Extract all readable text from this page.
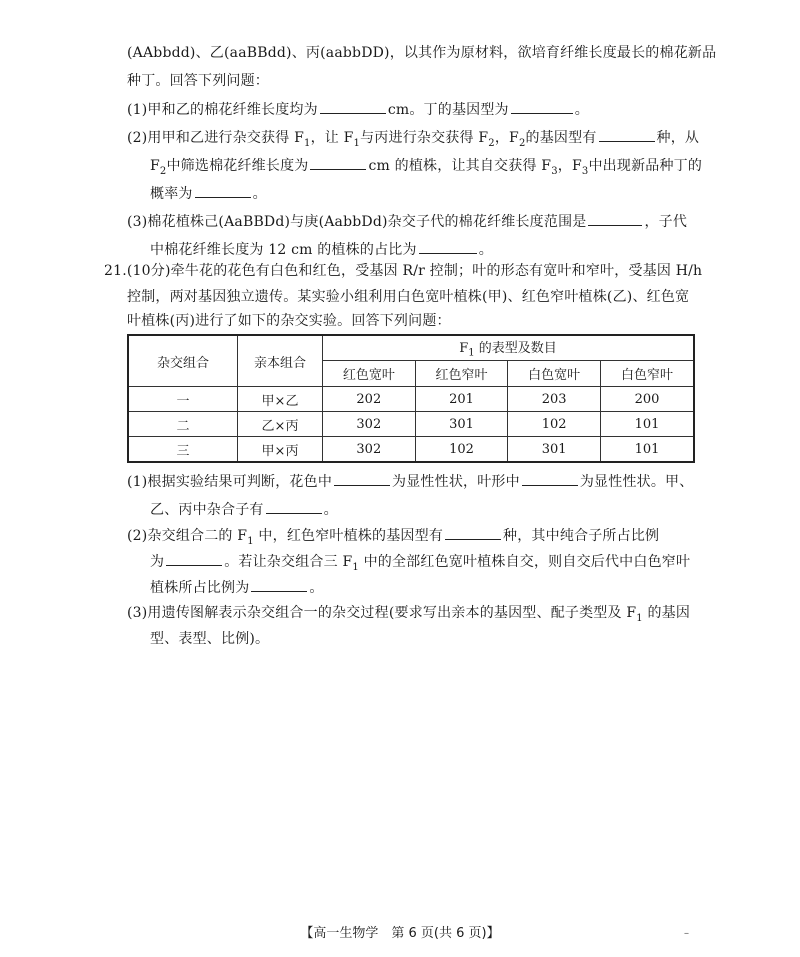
(AAbbdd)、乙(aaBBdd)、丙(aabbDD)，以其作为原材料，欲培育纤维长度最长的棉花新品
种丁。回答下列问题：
(1)甲和乙的棉花纤维长度均为	cm。丁的基因型为	。
(2)用甲和乙进行杂交获得 $F_1$，让 $F_1$与丙进行杂交获得 $F_2$，$F_2$的基因型有	种，从
$F_2$中筛选棉花纤维长度为	cm 的植株，让其自交获得 $F_3$，$F_3$中出现新品种丁的
概率为	。
(3)棉花植株己(AaBBDd)与庚(AabbDd)杂交子代的棉花纤维长度范围是	，子代
中棉花纤维长度为 12 cm 的植株的占比为	。
21.(10分)牵牛花的花色有白色和红色，受基因 R/r 控制；叶的形态有宽叶和窄叶，受基因 H/h
控制，两对基因独立遗传。某实验小组利用白色宽叶植株(甲)、红色窄叶植株(乙)、红色宽
叶植株(丙)进行了如下的杂交实验。回答下列问题：
杂交组合	亲本组合	$F_1$ 的表型及数目			
		红色宽叶	红色窄叶	白色宽叶	白色窄叶
一	甲×乙	202	201	203	200
二	乙×丙	302	301	102	101
三	甲×丙	302	102	301	101
(1)根据实验结果可判断，花色中	为显性性状，叶形中	为显性性状。甲、
乙、丙中杂合子有	。
(2)杂交组合二的 $F_1$ 中，红色窄叶植株的基因型有	种，其中纯合子所占比例
为	。若让杂交组合三 $F_1$ 中的全部红色宽叶植株自交，则自交后代中白色窄叶
植株所占比例为	。
(3)用遗传图解表示杂交组合一的杂交过程(要求写出亲本的基因型、配子类型及 $F_1$ 的基因
型、表型、比例)。
【高一生物学　第 6 页(共 6 页)】	–
